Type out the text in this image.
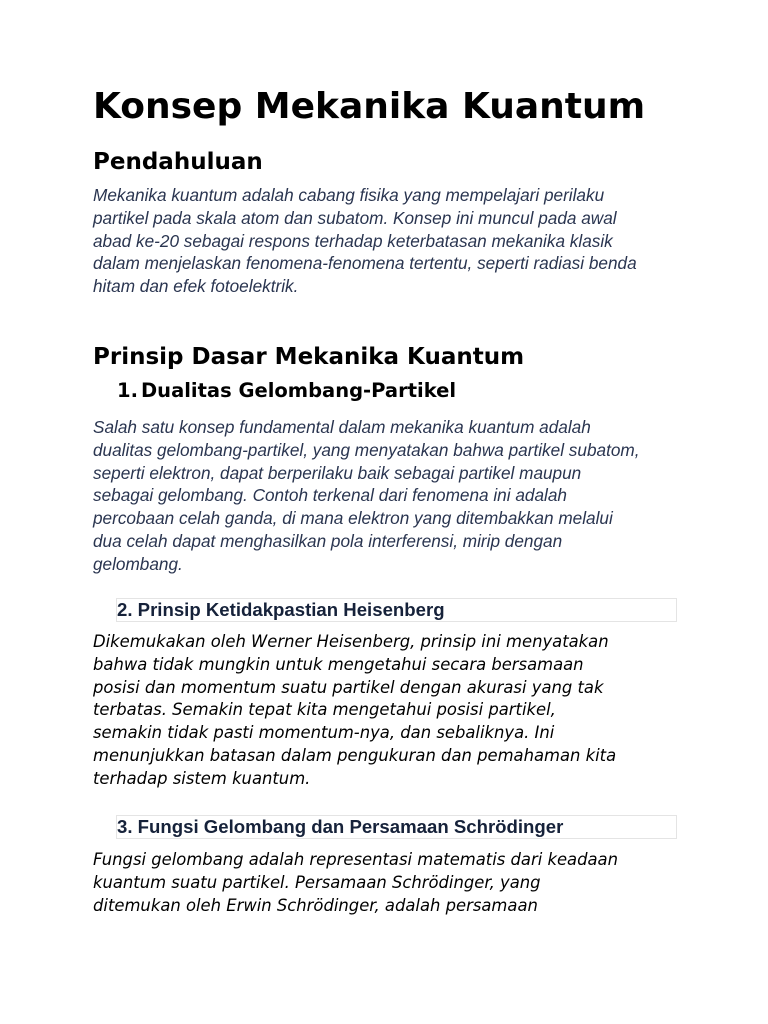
Konsep Mekanika Kuantum
Pendahuluan

Mekanika kuantum adalah cabang fisika yang mempelajari perilaku
partikel pada skala atom dan subatom. Konsep ini muncul pada awal
abad ke-20 sebagai respons terhadap keterbatasan mekanika klasik
dalam menjelaskan fenomena-fenomena tertentu, seperti radiasi benda
hitam dan efek fotoelektrik.

Prinsip Dasar Mekanika Kuantum
1. Dualitas Gelombang-Partikel

Salah satu konsep fundamental dalam mekanika kuantum adalah
dualitas gelombang-partikel, yang menyatakan bahwa partikel subatom,
seperti elektron, dapat berperilaku baik sebagai partikel maupun
sebagai gelombang. Contoh terkenal dari fenomena ini adalah
percobaan celah ganda, di mana elektron yang ditembakkan melalui
dua celah dapat menghasilkan pola interferensi, mirip dengan
gelombang.

2. Prinsip Ketidakpastian Heisenberg

Dikemukakan oleh Werner Heisenberg, prinsip ini menyatakan
bahwa tidak mungkin untuk mengetahui secara bersamaan
posisi dan momentum suatu partikel dengan akurasi yang tak
terbatas. Semakin tepat kita mengetahui posisi partikel,
semakin tidak pasti momentum-nya, dan sebaliknya. Ini
menunjukkan batasan dalam pengukuran dan pemahaman kita
terhadap sistem kuantum.

3. Fungsi Gelombang dan Persamaan Schrödinger

Fungsi gelombang adalah representasi matematis dari keadaan
kuantum suatu partikel. Persamaan Schrödinger, yang
ditemukan oleh Erwin Schrödinger, adalah persamaan
